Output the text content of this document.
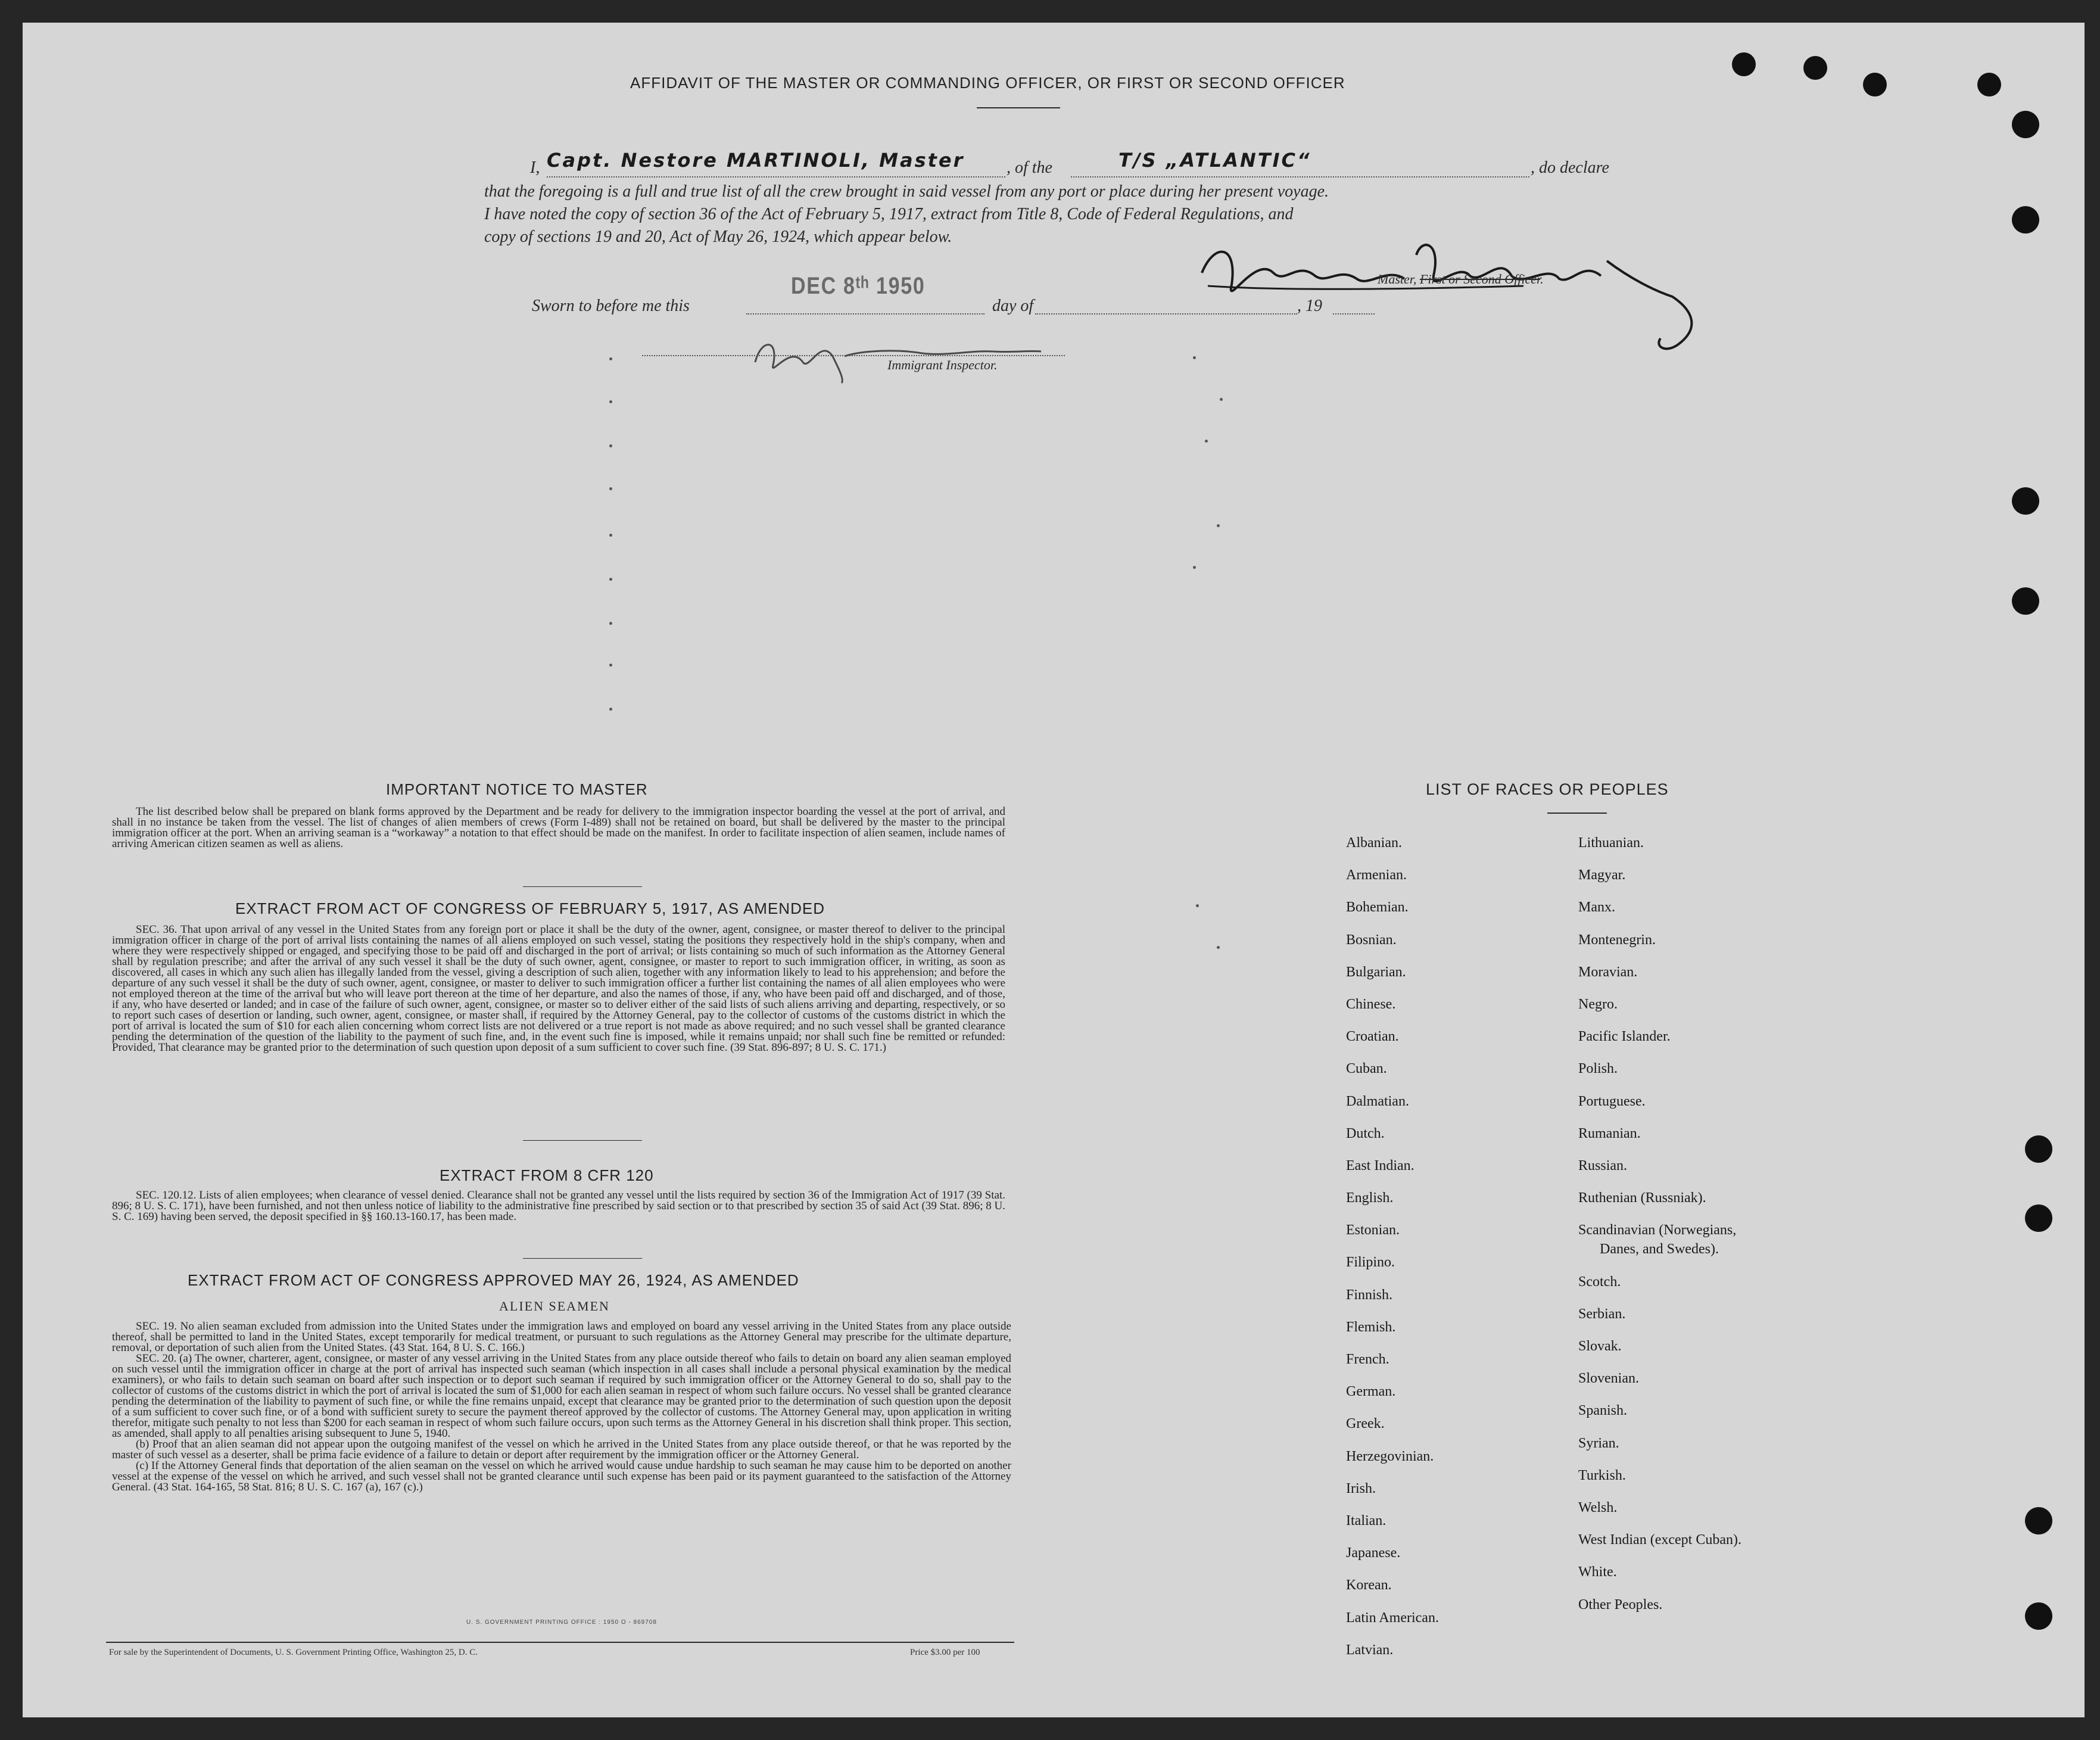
AFFIDAVIT OF THE MASTER OR COMMANDING OFFICER, OR FIRST OR SECOND OFFICER
I, Capt. Nestore MARTINOLI, Master	, of the	T/S „ATLANTIC“	, do declare
that the foregoing is a full and true list of all the crew brought in said vessel from any port or place during her present voyage.
I have noted the copy of section 36 of the Act of February 5, 1917, extract from Title 8, Code of Federal Regulations, and
copy of sections 19 and 20, Act of May 26, 1924, which appear below.
Master, First or Second Officer.
Sworn to before me this
DEC 8ᵗʰ 1950
day of	, 19
Immigrant Inspector.
IMPORTANT NOTICE TO MASTER

The list described below shall be prepared on blank forms approved by the Department and be ready for delivery to the immigration inspector boarding the vessel at the port of arrival, and shall in no instance be taken from the vessel. The list of changes of alien members of crews (Form I-489) shall not be retained on board, but shall be delivered by the master to the principal immigration officer at the port. When an arriving seaman is a “workaway” a notation to that effect should be made on the manifest. In order to facilitate inspection of alien seamen, include names of arriving American citizen seamen as well as aliens.

EXTRACT FROM ACT OF CONGRESS OF FEBRUARY 5, 1917, AS AMENDED

SEC. 36. That upon arrival of any vessel in the United States from any foreign port or place it shall be the duty of the owner, agent, consignee, or master thereof to deliver to the principal immigration officer in charge of the port of arrival lists containing the names of all aliens employed on such vessel, stating the positions they respectively hold in the ship's company, when and where they were respectively shipped or engaged, and specifying those to be paid off and discharged in the port of arrival; or lists containing so much of such information as the Attorney General shall by regulation prescribe; and after the arrival of any such vessel it shall be the duty of such owner, agent, consignee, or master to report to such immigration officer, in writing, as soon as discovered, all cases in which any such alien has illegally landed from the vessel, giving a description of such alien, together with any information likely to lead to his apprehension; and before the departure of any such vessel it shall be the duty of such owner, agent, consignee, or master to deliver to such immigration officer a further list containing the names of all alien employees who were not employed thereon at the time of the arrival but who will leave port thereon at the time of her departure, and also the names of those, if any, who have been paid off and discharged, and of those, if any, who have deserted or landed; and in case of the failure of such owner, agent, consignee, or master so to deliver either of the said lists of such aliens arriving and departing, respectively, or so to report such cases of desertion or landing, such owner, agent, consignee, or master shall, if required by the Attorney General, pay to the collector of customs of the customs district in which the port of arrival is located the sum of $10 for each alien concerning whom correct lists are not delivered or a true report is not made as above required; and no such vessel shall be granted clearance pending the determination of the question of the liability to the payment of such fine, and, in the event such fine is imposed, while it remains unpaid; nor shall such fine be remitted or refunded: Provided, That clearance may be granted prior to the determination of such question upon deposit of a sum sufficient to cover such fine. (39 Stat. 896-897; 8 U. S. C. 171.)

EXTRACT FROM 8 CFR 120

SEC. 120.12. Lists of alien employees; when clearance of vessel denied. Clearance shall not be granted any vessel until the lists required by section 36 of the Immigration Act of 1917 (39 Stat. 896; 8 U. S. C. 171), have been furnished, and not then unless notice of liability to the administrative fine prescribed by said section or to that prescribed by section 35 of said Act (39 Stat. 896; 8 U. S. C. 169) having been served, the deposit specified in §§ 160.13-160.17, has been made.

EXTRACT FROM ACT OF CONGRESS APPROVED MAY 26, 1924, AS AMENDED
ALIEN SEAMEN

SEC. 19. No alien seaman excluded from admission into the United States under the immigration laws and employed on board any vessel arriving in the United States from any place outside thereof, shall be permitted to land in the United States, except temporarily for medical treatment, or pursuant to such regulations as the Attorney General may prescribe for the ultimate departure, removal, or deportation of such alien from the United States. (43 Stat. 164, 8 U. S. C. 166.)

SEC. 20. (a) The owner, charterer, agent, consignee, or master of any vessel arriving in the United States from any place outside thereof who fails to detain on board any alien seaman employed on such vessel until the immigration officer in charge at the port of arrival has inspected such seaman (which inspection in all cases shall include a personal physical examination by the medical examiners), or who fails to detain such seaman on board after such inspection or to deport such seaman if required by such immigration officer or the Attorney General to do so, shall pay to the collector of customs of the customs district in which the port of arrival is located the sum of $1,000 for each alien seaman in respect of whom such failure occurs. No vessel shall be granted clearance pending the determination of the liability to payment of such fine, or while the fine remains unpaid, except that clearance may be granted prior to the determination of such question upon the deposit of a sum sufficient to cover such fine, or of a bond with sufficient surety to secure the payment thereof approved by the collector of customs. The Attorney General may, upon application in writing therefor, mitigate such penalty to not less than $200 for each seaman in respect of whom such failure occurs, upon such terms as the Attorney General in his discretion shall think proper. This section, as amended, shall apply to all penalties arising subsequent to June 5, 1940.

(b) Proof that an alien seaman did not appear upon the outgoing manifest of the vessel on which he arrived in the United States from any place outside thereof, or that he was reported by the master of such vessel as a deserter, shall be prima facie evidence of a failure to detain or deport after requirement by the immigration officer or the Attorney General.

(c) If the Attorney General finds that deportation of the alien seaman on the vessel on which he arrived would cause undue hardship to such seaman he may cause him to be deported on another vessel at the expense of the vessel on which he arrived, and such vessel shall not be granted clearance until such expense has been paid or its payment guaranteed to the satisfaction of the Attorney General. (43 Stat. 164-165, 58 Stat. 816; 8 U. S. C. 167 (a), 167 (c).)

U. S. GOVERNMENT PRINTING OFFICE : 1950 O - 869708
For sale by the Superintendent of Documents, U. S. Government Printing Office, Washington 25, D. C.	Price $3.00 per 100
LIST OF RACES OR PEOPLES
Albanian.
Armenian.
Bohemian.
Bosnian.
Bulgarian.
Chinese.
Croatian.
Cuban.
Dalmatian.
Dutch.
East Indian.
English.
Estonian.
Filipino.
Finnish.
Flemish.
French.
German.
Greek.
Herzegovinian.
Irish.
Italian.
Japanese.
Korean.
Latin American.
Latvian.
Lithuanian.
Magyar.
Manx.
Montenegrin.
Moravian.
Negro.
Pacific Islander.
Polish.
Portuguese.
Rumanian.
Russian.
Ruthenian (Russniak).
Scandinavian (Norwegians,
Danes, and Swedes).
Scotch.
Serbian.
Slovak.
Slovenian.
Spanish.
Syrian.
Turkish.
Welsh.
West Indian (except Cuban).
White.
Other Peoples.
